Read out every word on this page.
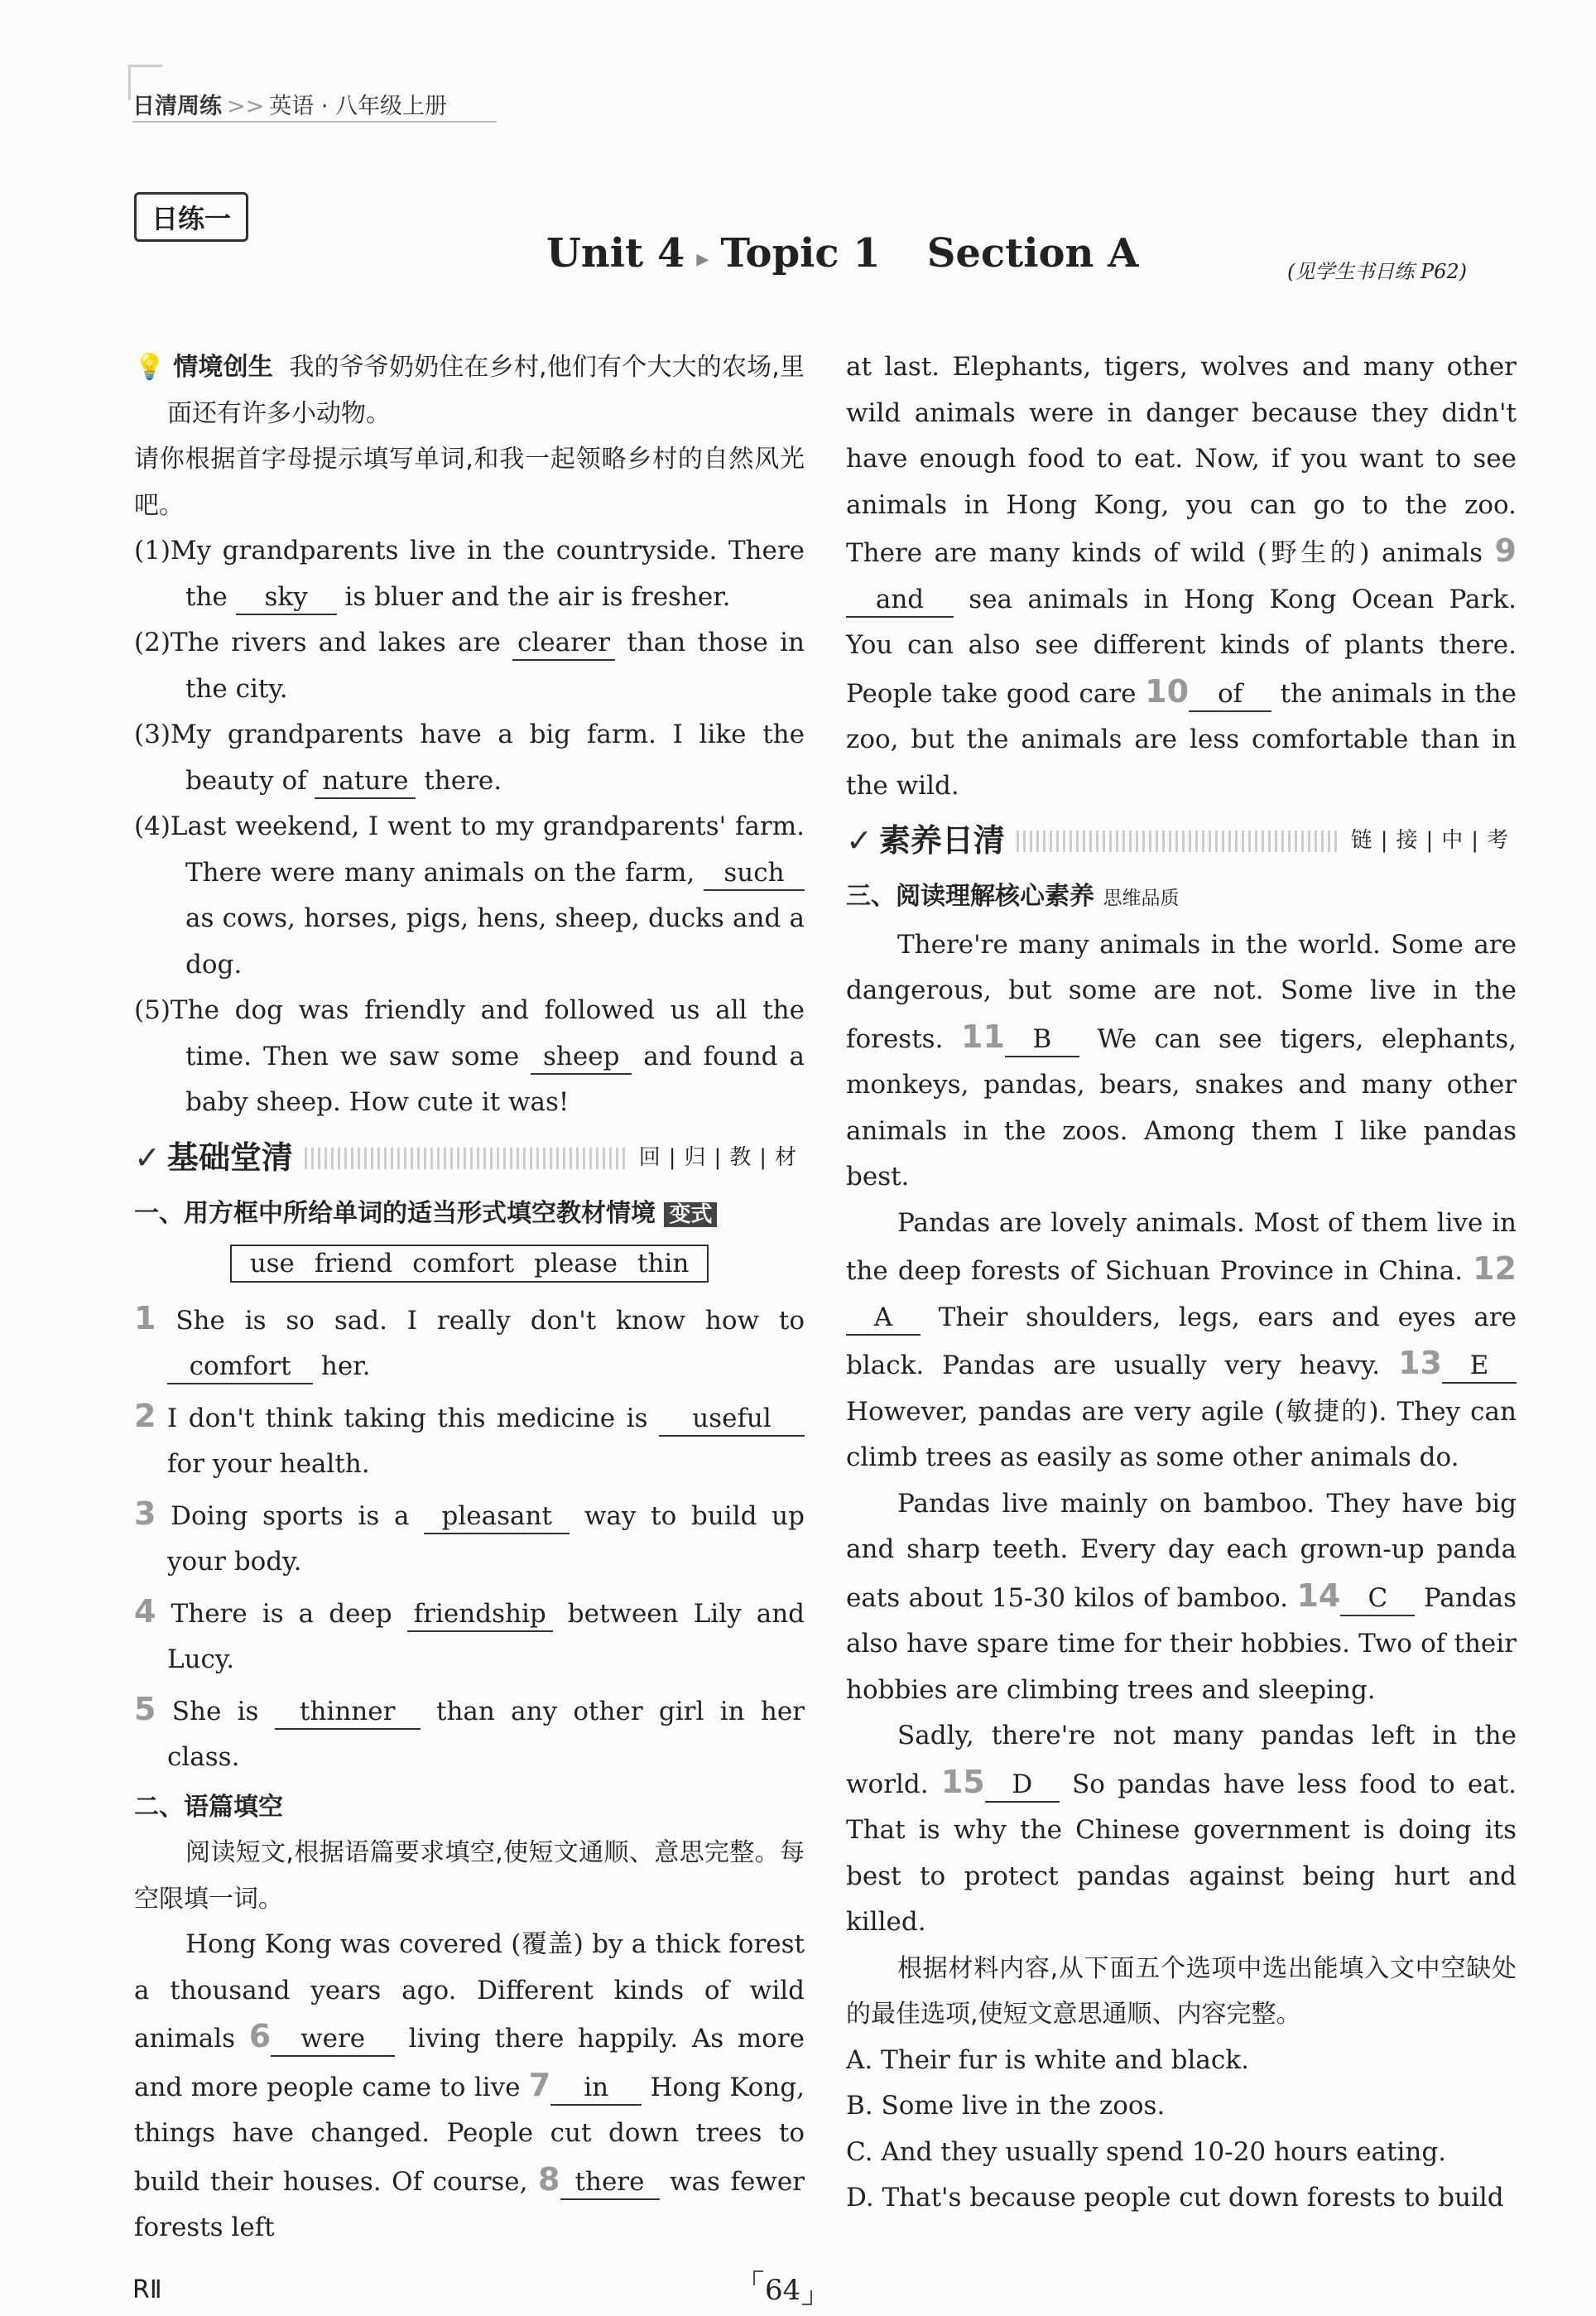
日清周练 >> 英语 · 八年级上册
日练一
Unit 4 ▸ Topic 1 Section A	(见学生书日练 P62)

💡 情境创生 我的爷爷奶奶住在乡村,他们有个大大的农场,里面还有许多小动物。

请你根据首字母提示填写单词,和我一起领略乡村的自然风光吧。

(1)My grandparents live in the countryside. There the sky is bluer and the air is fresher.

(2)The rivers and lakes are clearer than those in the city.

(3)My grandparents have a big farm. I like the beauty of nature there.

(4)Last weekend, I went to my grandparents' farm. There were many animals on the farm, such as cows, horses, pigs, hens, sheep, ducks and a dog.

(5)The dog was friendly and followed us all the time. Then we saw some sheep and found a baby sheep. How cute it was!

✓ 基础堂清	回|归|教|材

一、用方框中所给单词的适当形式填空教材情境 变式

use friend comfort please thin

1 She is so sad. I really don't know how to comfort her.

2 I don't think taking this medicine is useful for your health.

3 Doing sports is a pleasant way to build up your body.

4 There is a deep friendship between Lily and Lucy.

5 She is thinner than any other girl in her class.

二、语篇填空

阅读短文,根据语篇要求填空,使短文通顺、意思完整。每空限填一词。

Hong Kong was covered (覆盖) by a thick forest a thousand years ago. Different kinds of wild animals 6 were living there happily. As more and more people came to live 7 in Hong Kong, things have changed. People cut down trees to build their houses. Of course, 8 there was fewer forests left

at last. Elephants, tigers, wolves and many other wild animals were in danger because they didn't have enough food to eat. Now, if you want to see animals in Hong Kong, you can go to the zoo. There are many kinds of wild (野生的) animals 9and sea animals in Hong Kong Ocean Park. You can also see different kinds of plants there. People take good care 10 of the animals in the zoo, but the animals are less comfortable than in the wild.

✓ 素养日清	链|接|中|考

三、阅读理解核心素养 思维品质

There're many animals in the world. Some are dangerous, but some are not. Some live in the forests. 11 B We can see tigers, elephants, monkeys, pandas, bears, snakes and many other animals in the zoos. Among them I like pandas best.

Pandas are lovely animals. Most of them live in the deep forests of Sichuan Province in China. 12A Their shoulders, legs, ears and eyes are black. Pandas are usually very heavy. 13 E However, pandas are very agile (敏捷的). They can climb trees as easily as some other animals do.

Pandas live mainly on bamboo. They have big and sharp teeth. Every day each grown-up panda eats about 15-30 kilos of bamboo. 14 C Pandas also have spare time for their hobbies. Two of their hobbies are climbing trees and sleeping.

Sadly, there're not many pandas left in the world. 15 D So pandas have less food to eat. That is why the Chinese government is doing its best to protect pandas against being hurt and killed.

根据材料内容,从下面五个选项中选出能填入文中空缺处的最佳选项,使短文意思通顺、内容完整。

A. Their fur is white and black.

B. Some live in the zoos.

C. And they usually spend 10-20 hours eating.

D. That's because people cut down forests to build

RⅡ	64
